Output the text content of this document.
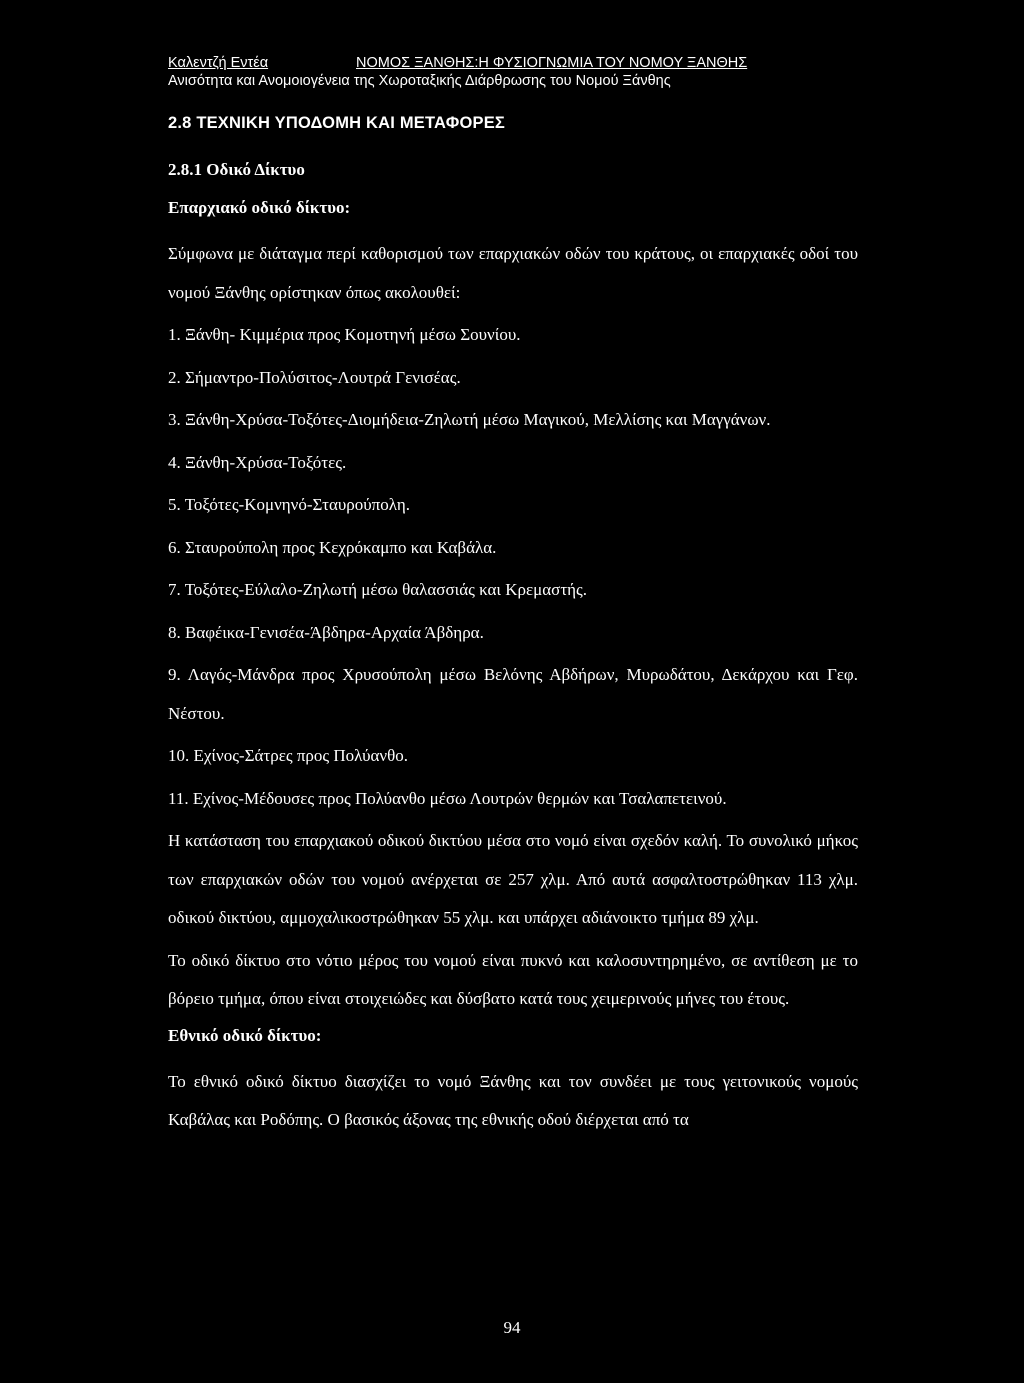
Καλεντζή Εντέα	ΝΟΜΟΣ ΞΑΝΘΗΣ:Η ΦΥΣΙΟΓΝΩΜΙΑ ΤΟΥ ΝΟΜΟΥ ΞΑΝΘΗΣ
Ανισότητα και Ανομοιογένεια της Χωροταξικής Διάρθρωσης του Νομού Ξάνθης
2.8 ΤΕΧΝΙΚΗ ΥΠΟΔΟΜΗ ΚΑΙ ΜΕΤΑΦΟΡΕΣ
2.8.1 Οδικό Δίκτυο
Επαρχιακό οδικό δίκτυο:

Σύμφωνα με διάταγμα περί καθορισμού των επαρχιακών οδών του κράτους, οι επαρχιακές οδοί του νομού Ξάνθης ορίστηκαν όπως ακολουθεί:

1. Ξάνθη- Κιμμέρια προς Κομοτηνή μέσω Σουνίου.
2. Σήμαντρο-Πολύσιτος-Λουτρά Γενισέας.
3. Ξάνθη-Χρύσα-Τοξότες-Διομήδεια-Ζηλωτή μέσω Μαγικού, Μελλίσης και Μαγγάνων.
4. Ξάνθη-Χρύσα-Τοξότες.
5. Τοξότες-Κομνηνό-Σταυρούπολη.
6. Σταυρούπολη προς Κεχρόκαμπο και Καβάλα.
7. Τοξότες-Εύλαλο-Ζηλωτή μέσω θαλασσιάς και Κρεμαστής.
8. Βαφέικα-Γενισέα-Άβδηρα-Αρχαία Άβδηρα.
9. Λαγός-Μάνδρα προς Χρυσούπολη μέσω Βελόνης Αβδήρων, Μυρωδάτου, Δεκάρχου και Γεφ. Νέστου.
10. Εχίνος-Σάτρες προς Πολύανθο.
11. Εχίνος-Μέδουσες προς Πολύανθο μέσω Λουτρών θερμών και Τσαλαπετεινού.

Η κατάσταση του επαρχιακού οδικού δικτύου μέσα στο νομό είναι σχεδόν καλή. Το συνολικό μήκος των επαρχιακών οδών του νομού ανέρχεται σε 257 χλμ. Από αυτά ασφαλτοστρώθηκαν 113 χλμ. οδικού δικτύου, αμμοχαλικοστρώθηκαν 55 χλμ. και υπάρχει αδιάνοικτο τμήμα 89 χλμ.

Το οδικό δίκτυο στο νότιο μέρος του νομού είναι πυκνό και καλοσυντηρημένο, σε αντίθεση με το βόρειο τμήμα, όπου είναι στοιχειώδες και δύσβατο κατά τους χειμερινούς μήνες του έτους.

Εθνικό οδικό δίκτυο:

Το εθνικό οδικό δίκτυο διασχίζει το νομό Ξάνθης και τον συνδέει με τους γειτονικούς νομούς Καβάλας και Ροδόπης. Ο βασικός άξονας της εθνικής οδού διέρχεται από τα

94
